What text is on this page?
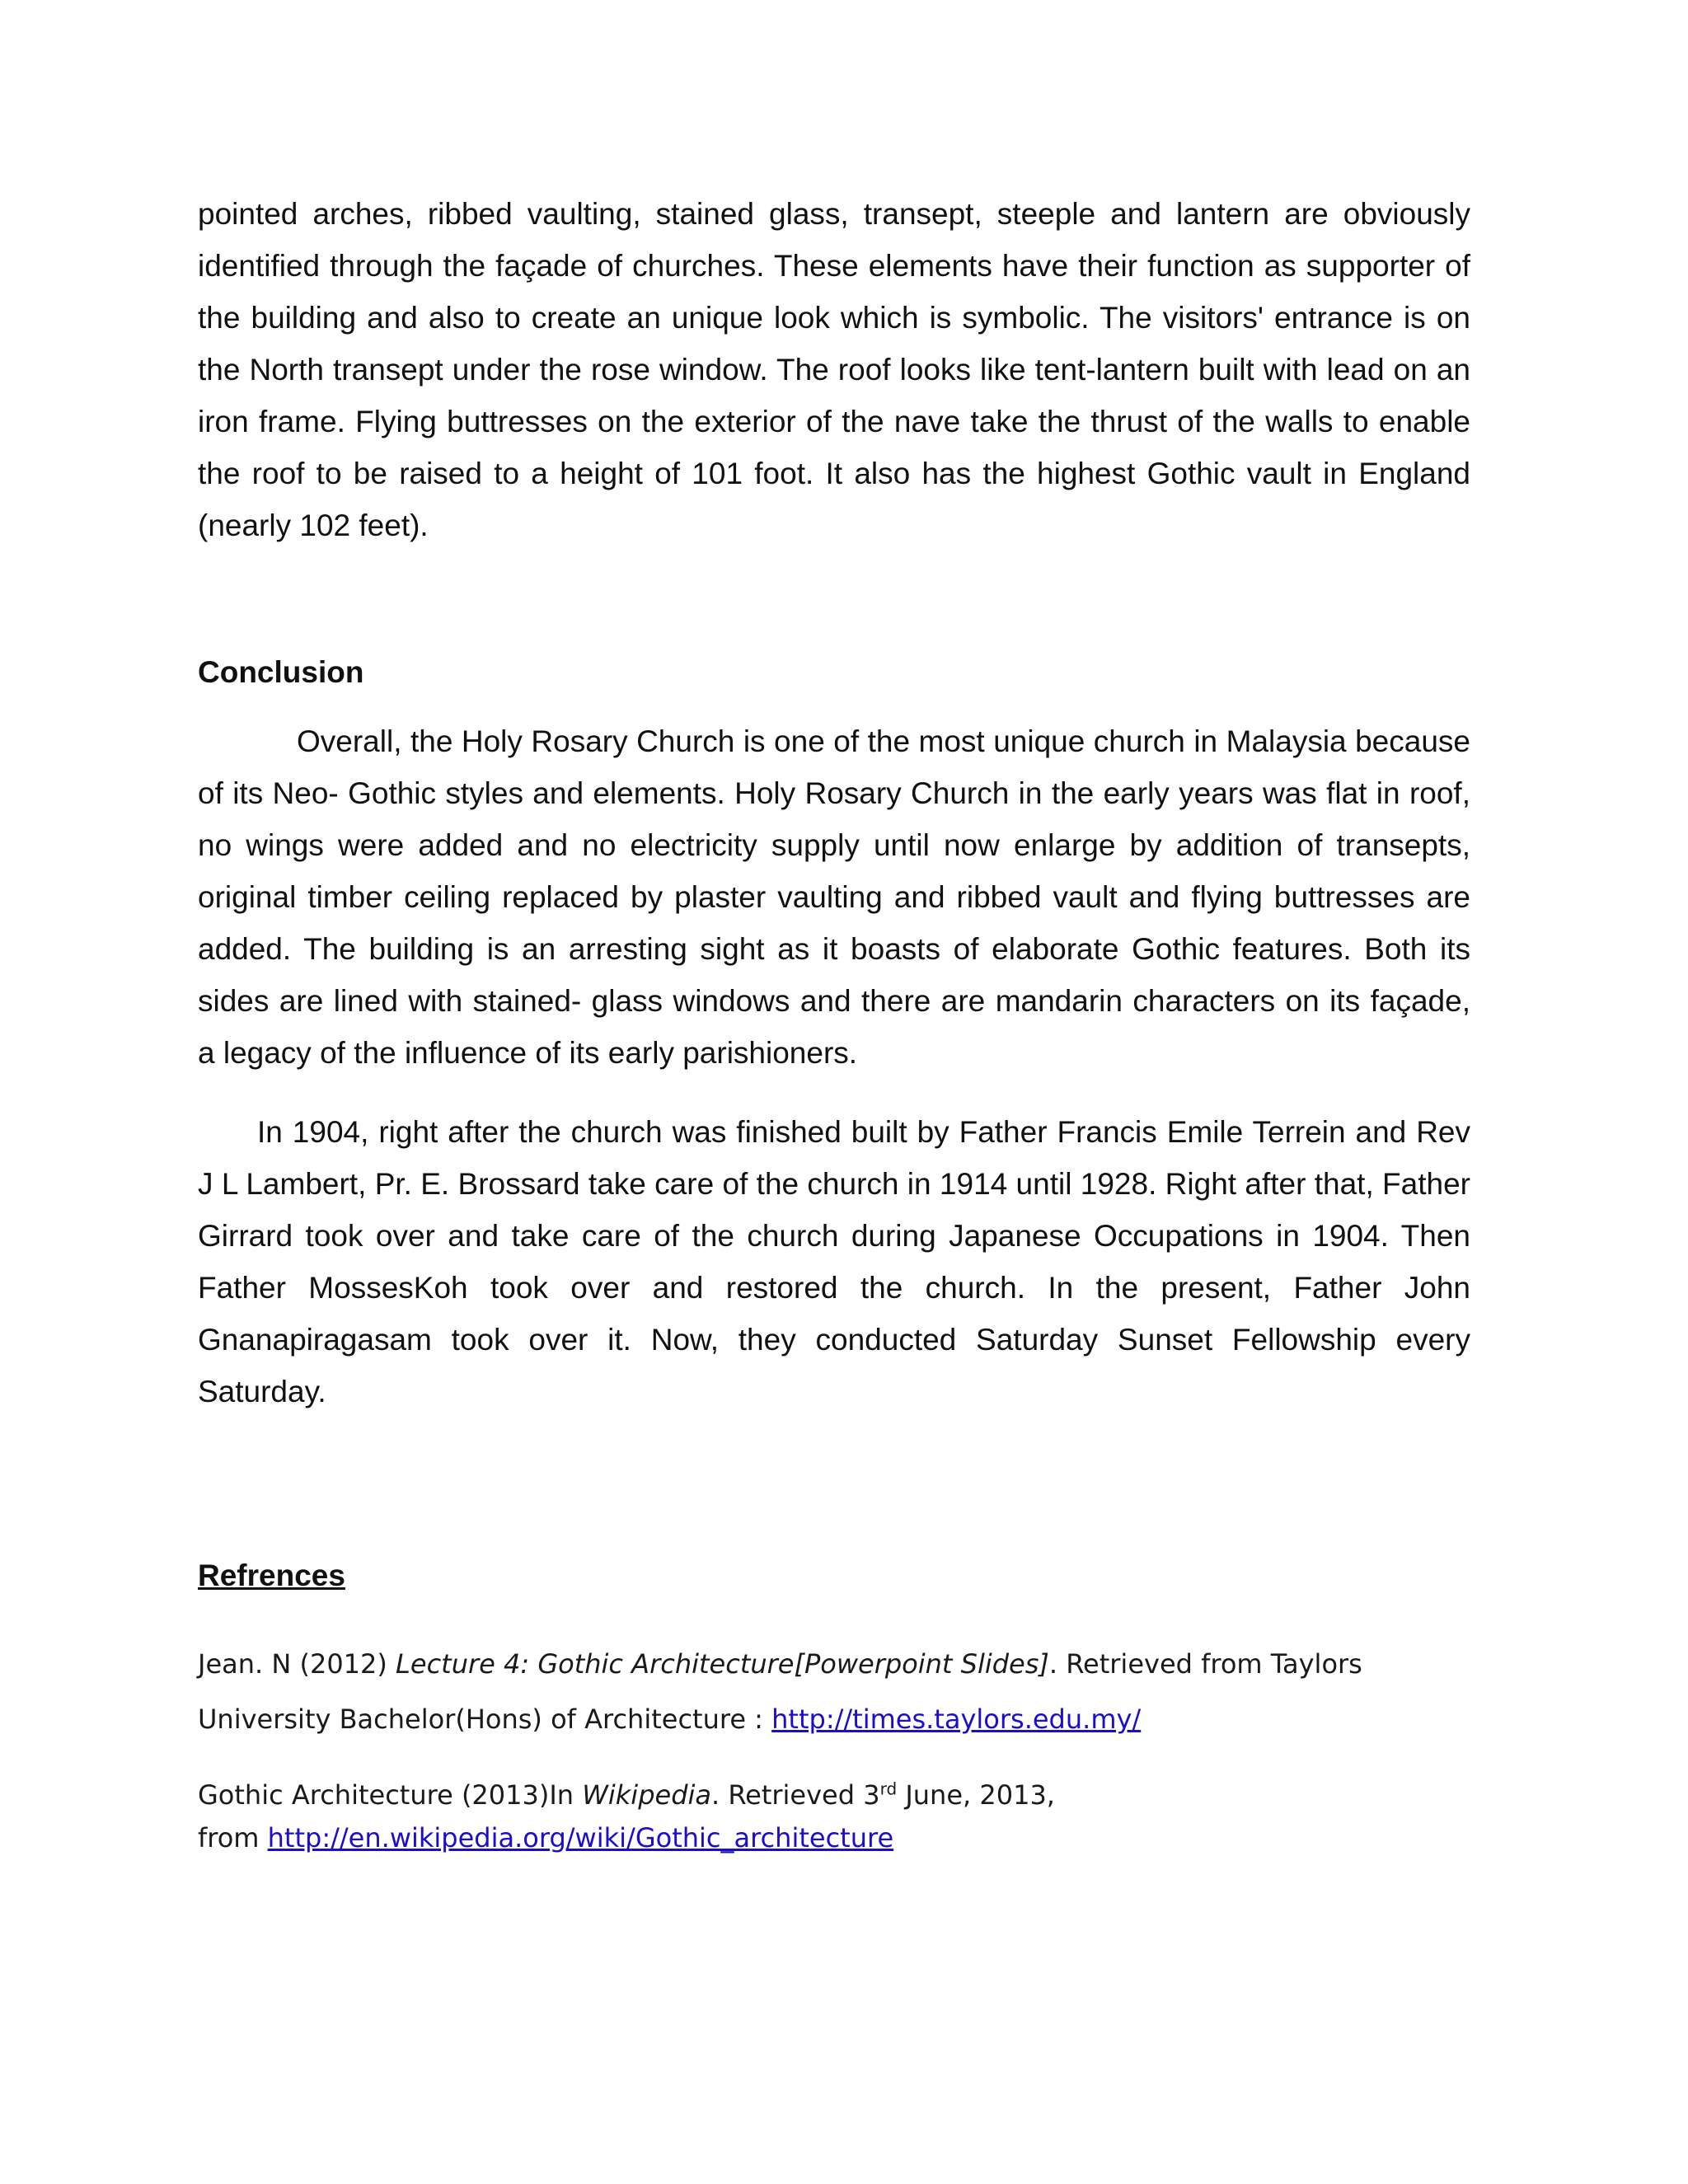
pointed arches, ribbed vaulting, stained glass, transept, steeple and lantern are obviously identified through the façade of churches. These elements have their function as supporter of the building and also to create an unique look which is symbolic. The visitors' entrance is on the North transept under the rose window. The roof looks like tent-lantern built with lead on an iron frame. Flying buttresses on the exterior of the nave take the thrust of the walls to enable the roof to be raised to a height of 101 foot. It also has the highest Gothic vault in England (nearly 102 feet).

Conclusion

Overall, the Holy Rosary Church is one of the most unique church in Malaysia because of its Neo- Gothic styles and elements. Holy Rosary Church in the early years was flat in roof, no wings were added and no electricity supply until now enlarge by addition of transepts, original timber ceiling replaced by plaster vaulting and ribbed vault and flying buttresses are added. The building is an arresting sight as it boasts of elaborate Gothic features. Both its sides are lined with stained- glass windows and there are mandarin characters on its façade, a legacy of the influence of its early parishioners.

In 1904, right after the church was finished built by Father Francis Emile Terrein and Rev J L Lambert, Pr. E. Brossard take care of the church in 1914 until 1928. Right after that, Father Girrard took over and take care of the church during Japanese Occupations in 1904. Then Father MossesKoh took over and restored the church. In the present, Father John Gnanapiragasam took over it. Now, they conducted Saturday Sunset Fellowship every Saturday.

Refrences

Jean. N (2012) Lecture 4: Gothic Architecture[Powerpoint Slides]. Retrieved from Taylors University Bachelor(Hons) of Architecture : http://times.taylors.edu.my/

Gothic Architecture (2013)In Wikipedia. Retrieved 3rd June, 2013,
from http://en.wikipedia.org/wiki/Gothic_architecture
